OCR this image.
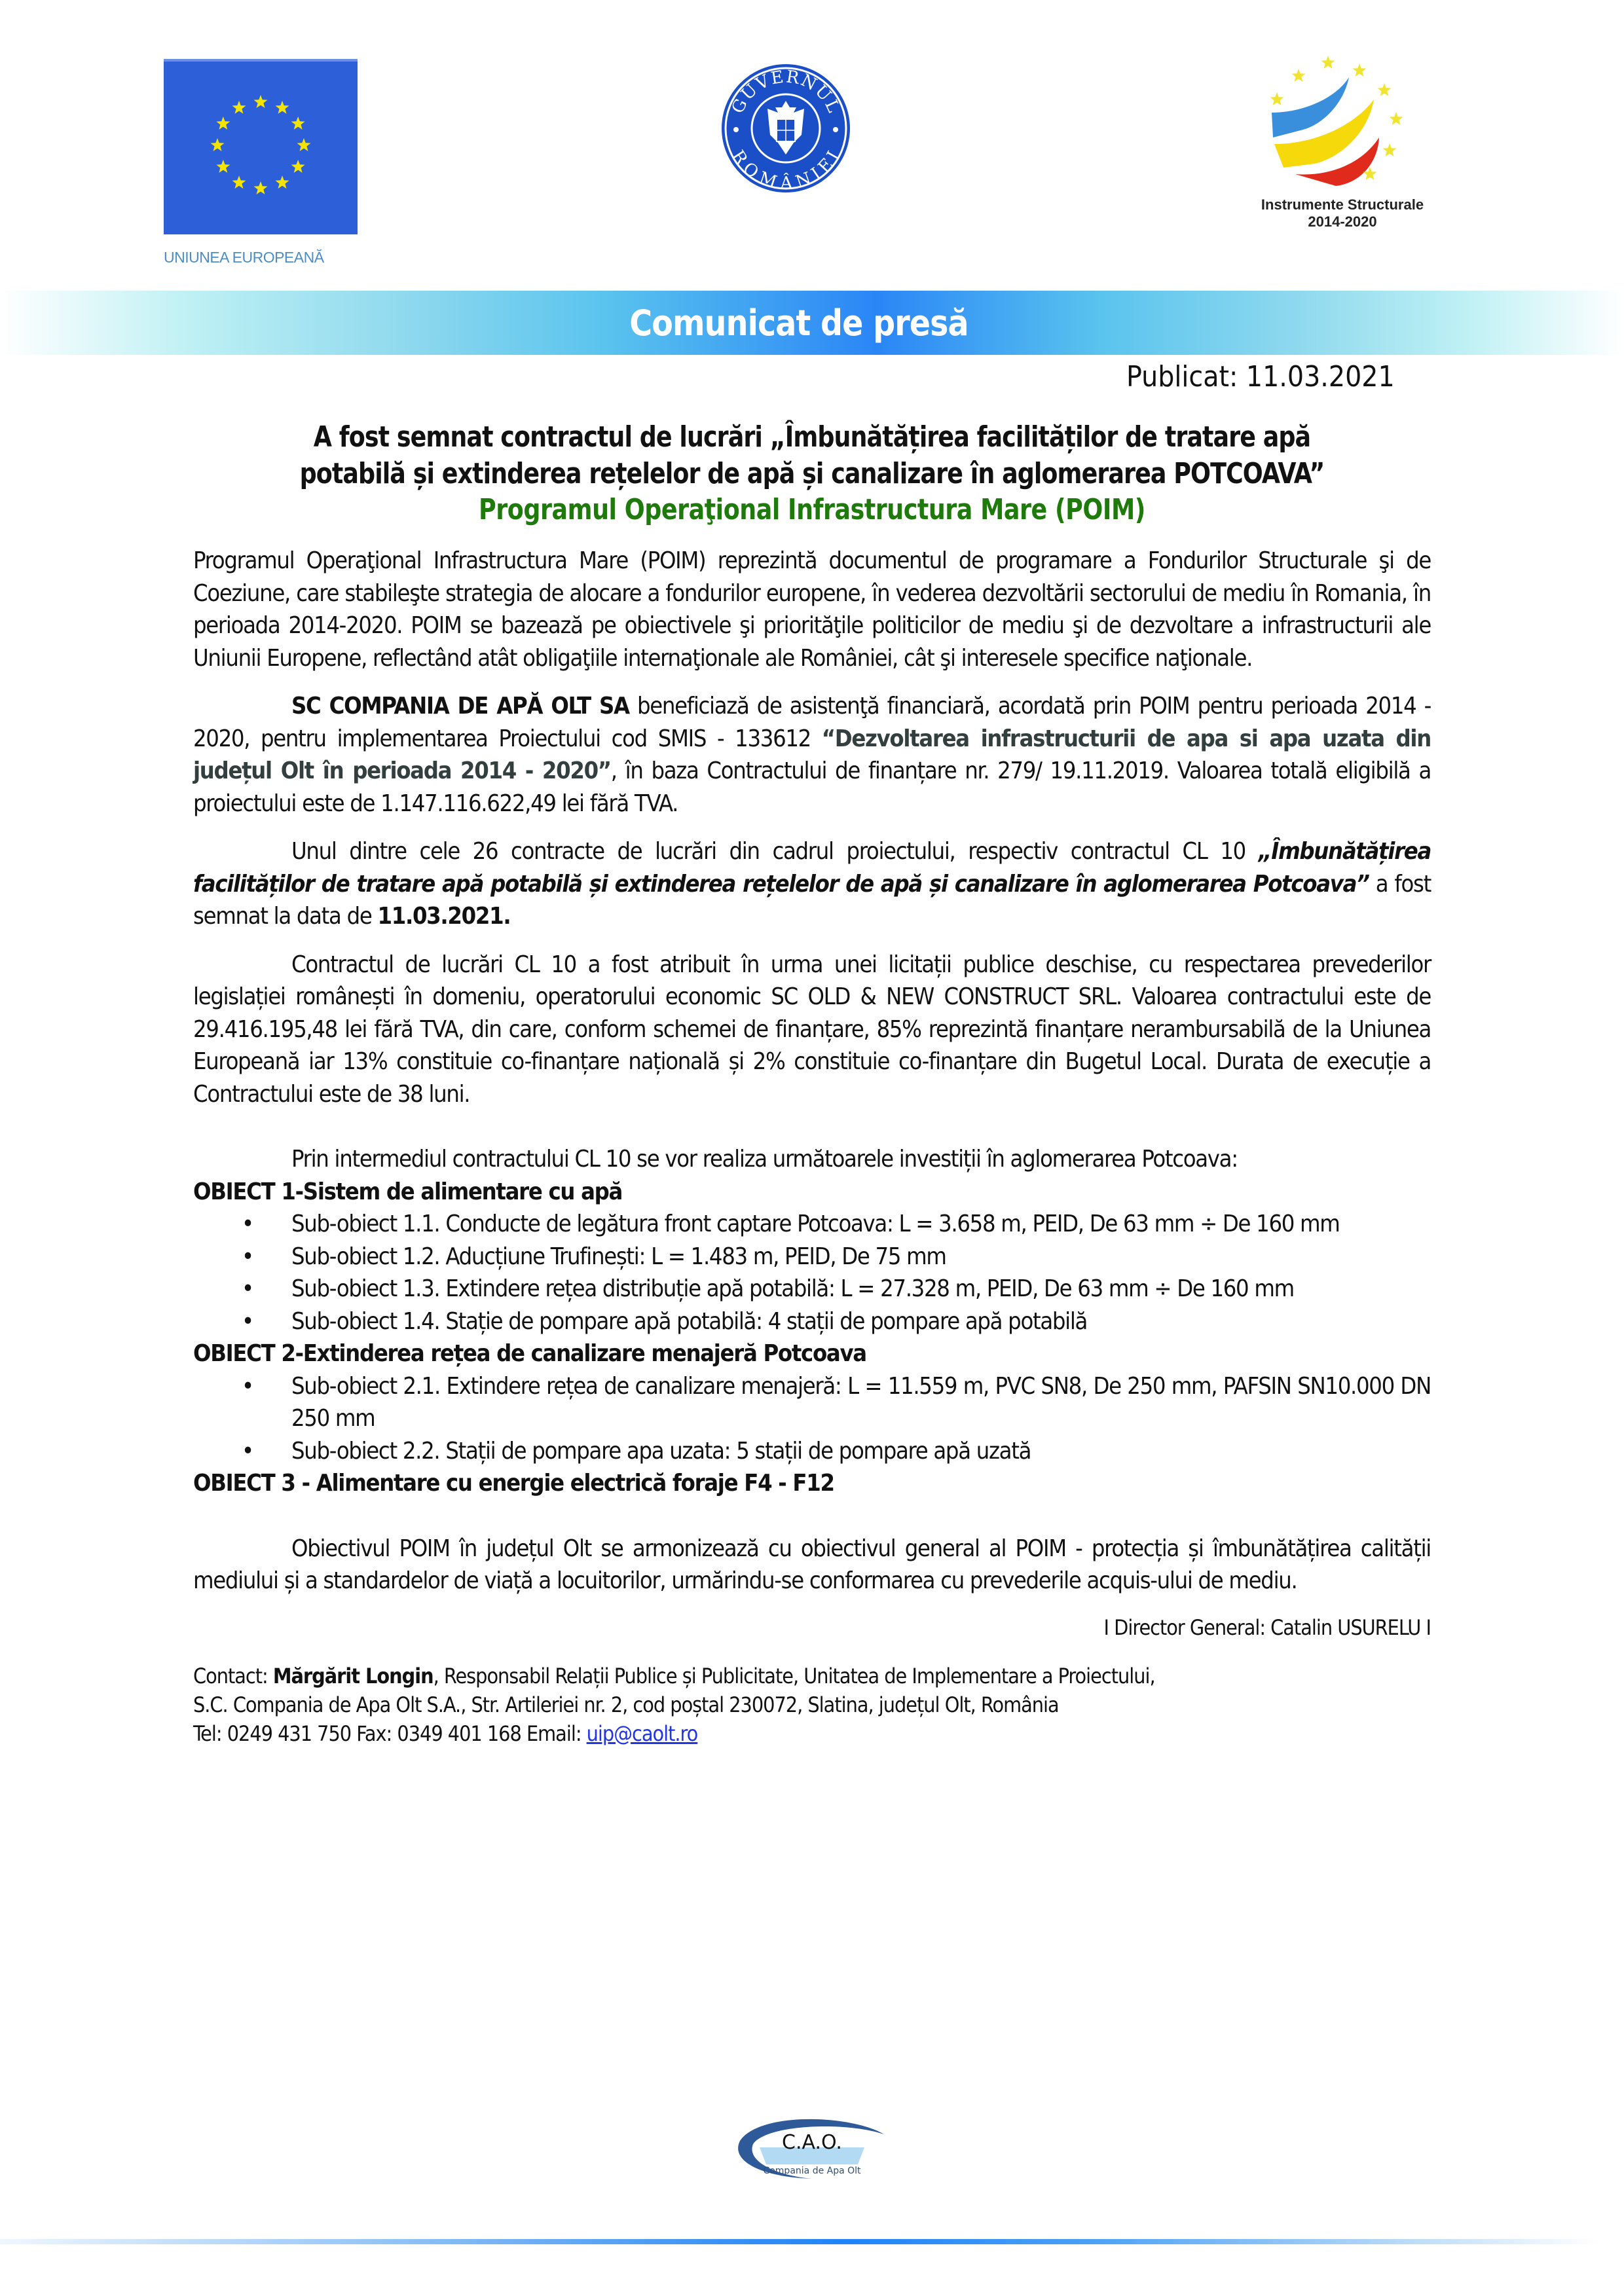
UNIUNEA EUROPEANĂ
GUVERNUL
ROMÂNIEI
Instrumente Structurale
2014-2020
Comunicat de presă
Publicat: 11.03.2021
A fost semnat contractul de lucrări „Îmbunătățirea facilităților de tratare apă
potabilă și extinderea rețelelor de apă și canalizare în aglomerarea POTCOAVA”
Programul Operaţional Infrastructura Mare (POIM)

Programul Operaţional Infrastructura Mare (POIM) reprezintă documentul de programare a Fondurilor Structurale şi de Coeziune, care stabileşte strategia de alocare a fondurilor europene, în vederea dezvoltării sectorului de mediu în Romania, în perioada 2014-2020. POIM se bazează pe obiectivele şi priorităţile politicilor de mediu şi de dezvoltare a infrastructurii ale Uniunii Europene, reflectând atât obligaţiile internaţionale ale României, cât şi interesele specifice naţionale.

SC COMPANIA DE APĂ OLT SA beneficiază de asistenţă financiară, acordată prin POIM pentru perioada 2014 - 2020, pentru implementarea Proiectului cod SMIS - 133612 “Dezvoltarea infrastructurii de apa si apa uzata din județul Olt în perioada 2014 - 2020”, în baza Contractului de finanțare nr. 279/ 19.11.2019. Valoarea totală eligibilă a proiectului este de 1.147.116.622,49 lei fără TVA.

Unul dintre cele 26 contracte de lucrări din cadrul proiectului, respectiv contractul CL 10 „Îmbunătățirea facilităților de tratare apă potabilă și extinderea rețelelor de apă și canalizare în aglomerarea Potcoava” a fost semnat la data de 11.03.2021.

Contractul de lucrări CL 10 a fost atribuit în urma unei licitații publice deschise, cu respectarea prevederilor legislației românești în domeniu, operatorului economic SC OLD & NEW CONSTRUCT SRL. Valoarea contractului este de 29.416.195,48 lei fără TVA, din care, conform schemei de finanțare, 85% reprezintă finanțare nerambursabilă de la Uniunea Europeană iar 13% constituie co-finanțare națională și 2% constituie co-finanțare din Bugetul Local. Durata de execuție a Contractului este de 38 luni.

Prin intermediul contractului CL 10 se vor realiza următoarele investiții în aglomerarea Potcoava:

OBIECT 1-Sistem de alimentare cu apă

• Sub-obiect 1.1. Conducte de legătura front captare Potcoava: L = 3.658 m, PEID, De 63 mm ÷ De 160 mm
• Sub-obiect 1.2. Aducțiune Trufinești: L = 1.483 m, PEID, De 75 mm
• Sub-obiect 1.3. Extindere rețea distribuție apă potabilă: L = 27.328 m, PEID, De 63 mm ÷ De 160 mm
• Sub-obiect 1.4. Stație de pompare apă potabilă: 4 stații de pompare apă potabilă

OBIECT 2-Extinderea rețea de canalizare menajeră Potcoava

• Sub-obiect 2.1. Extindere rețea de canalizare menajeră: L = 11.559 m, PVC SN8, De 250 mm, PAFSIN SN10.000 DN 250 mm
• Sub-obiect 2.2. Stații de pompare apa uzata: 5 stații de pompare apă uzată

OBIECT 3 - Alimentare cu energie electrică foraje F4 - F12

Obiectivul POIM în județul Olt se armonizează cu obiectivul general al POIM - protecția și îmbunătățirea calității mediului și a standardelor de viață a locuitorilor, urmărindu-se conformarea cu prevederile acquis-ului de mediu.

I Director General: Catalin USURELU I

Contact: Mărgărit Longin, Responsabil Relații Publice și Publicitate, Unitatea de Implementare a Proiectului,
S.C. Compania de Apa Olt S.A., Str. Artileriei nr. 2, cod poștal 230072, Slatina, județul Olt, România
Tel: 0249 431 750 Fax: 0349 401 168 Email: uip@caolt.ro
C.A.O.
Compania de Apa Olt
